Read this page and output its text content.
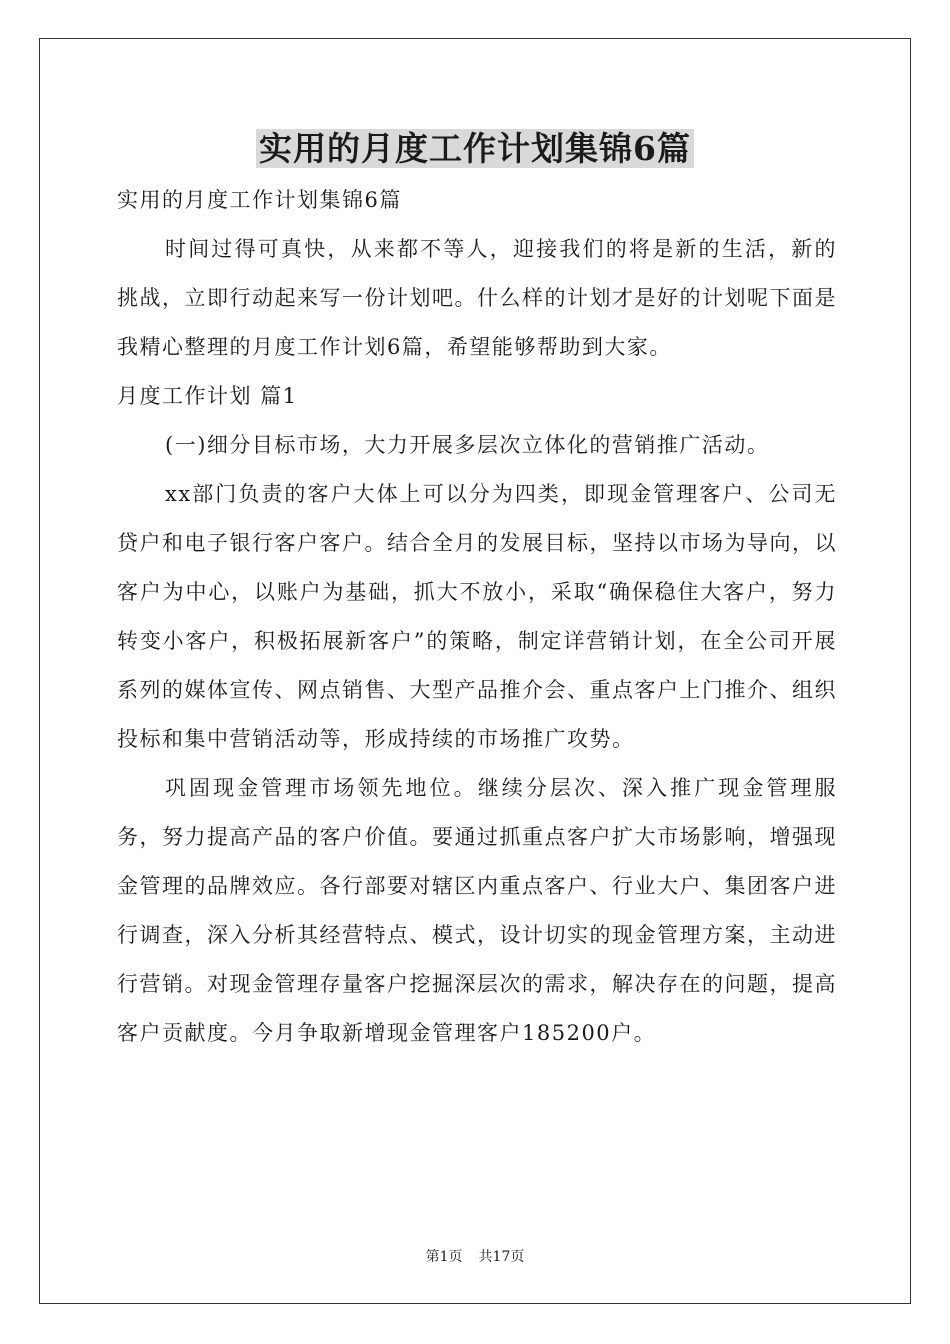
实用的月度工作计划集锦6篇

实用的月度工作计划集锦6篇

时间过得可真快，从来都不等人，迎接我们的将是新的生活，新的挑战，立即行动起来写一份计划吧。什么样的计划才是好的计划呢下面是我精心整理的月度工作计划6篇，希望能够帮助到大家。

月度工作计划 篇1

(一)细分目标市场，大力开展多层次立体化的营销推广活动。

xx部门负责的客户大体上可以分为四类，即现金管理客户、公司无贷户和电子银行客户客户。结合全月的发展目标，坚持以市场为导向，以客户为中心，以账户为基础，抓大不放小，采取“确保稳住大客户，努力转变小客户，积极拓展新客户”的策略，制定详营销计划，在全公司开展系列的媒体宣传、网点销售、大型产品推介会、重点客户上门推介、组织投标和集中营销活动等，形成持续的市场推广攻势。

巩固现金管理市场领先地位。继续分层次、深入推广现金管理服务，努力提高产品的客户价值。要通过抓重点客户扩大市场影响，增强现金管理的品牌效应。各行部要对辖区内重点客户、行业大户、集团客户进行调查，深入分析其经营特点、模式，设计切实的现金管理方案，主动进行营销。对现金管理存量客户挖掘深层次的需求，解决存在的问题，提高客户贡献度。今月争取新增现金管理客户185200户。

第1页 共17页
